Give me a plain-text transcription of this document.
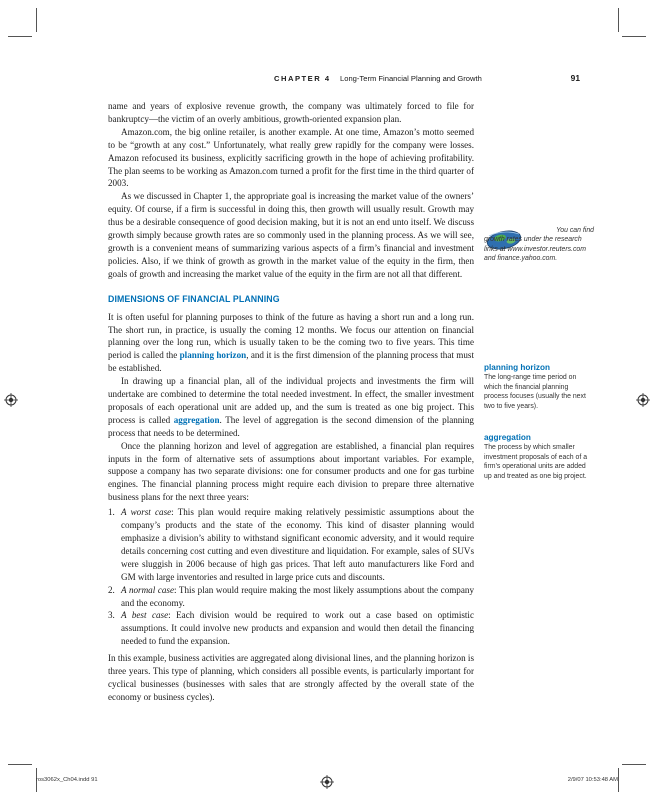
CHAPTER 4 Long-Term Financial Planning and Growth	91

name and years of explosive revenue growth, the company was ultimately forced to file for bankruptcy—the victim of an overly ambitious, growth-oriented expansion plan.

Amazon.com, the big online retailer, is another example. At one time, Amazon’s motto seemed to be “growth at any cost.” Unfortunately, what really grew rapidly for the company were losses. Amazon refocused its business, explicitly sacrificing growth in the hope of achieving profitability. The plan seems to be working as Amazon.com turned a profit for the first time in the third quarter of 2003.

As we discussed in Chapter 1, the appropriate goal is increasing the market value of the owners’ equity. Of course, if a firm is successful in doing this, then growth will usually result. Growth may thus be a desirable consequence of good decision making, but it is not an end unto itself. We discuss growth simply because growth rates are so commonly used in the planning process. As we will see, growth is a convenient means of summarizing various aspects of a firm’s financial and investment policies. Also, if we think of growth as growth in the market value of the equity in the firm, then goals of growth and increasing the market value of the equity in the firm are not all that different.

DIMENSIONS OF FINANCIAL PLANNING

It is often useful for planning purposes to think of the future as having a short run and a long run. The short run, in practice, is usually the coming 12 months. We focus our attention on financial planning over the long run, which is usually taken to be the coming two to five years. This time period is called the planning horizon, and it is the first dimension of the planning process that must be established.

In drawing up a financial plan, all of the individual projects and investments the firm will undertake are combined to determine the total needed investment. In effect, the smaller investment proposals of each operational unit are added up, and the sum is treated as one big project. This process is called aggregation. The level of aggregation is the second dimension of the planning process that needs to be determined.

Once the planning horizon and level of aggregation are established, a financial plan requires inputs in the form of alternative sets of assumptions about important variables. For example, suppose a company has two separate divisions: one for consumer products and one for gas turbine engines. The financial planning process might require each division to prepare three alternative business plans for the next three years:

1. A worst case: This plan would require making relatively pessimistic assumptions about the company’s products and the state of the economy. This kind of disaster planning would emphasize a division’s ability to withstand significant economic adversity, and it would require details concerning cost cutting and even divestiture and liquidation. For example, sales of SUVs were sluggish in 2006 because of high gas prices. That left auto manufacturers like Ford and GM with large inventories and resulted in large price cuts and discounts.
2. A normal case: This plan would require making the most likely assumptions about the company and the economy.
3. A best case: Each division would be required to work out a case based on optimistic assumptions. It could involve new products and expansion and would then detail the financing needed to fund the expansion.

In this example, business activities are aggregated along divisional lines, and the planning horizon is three years. This type of planning, which considers all possible events, is particularly important for cyclical businesses (businesses with sales that are strongly affected by the overall state of the economy or business cycles).

You can find
growth rates under the research links at www.investor.reuters.com and finance.yahoo.com.
planning horizon
The long-range time period on which the financial planning process focuses (usually the next two to five years).
aggregation
The process by which smaller investment proposals of each of a firm’s operational units are added up and treated as one big project.
ros3062x_Ch04.indd 91	2/9/07 10:53:48 AM
